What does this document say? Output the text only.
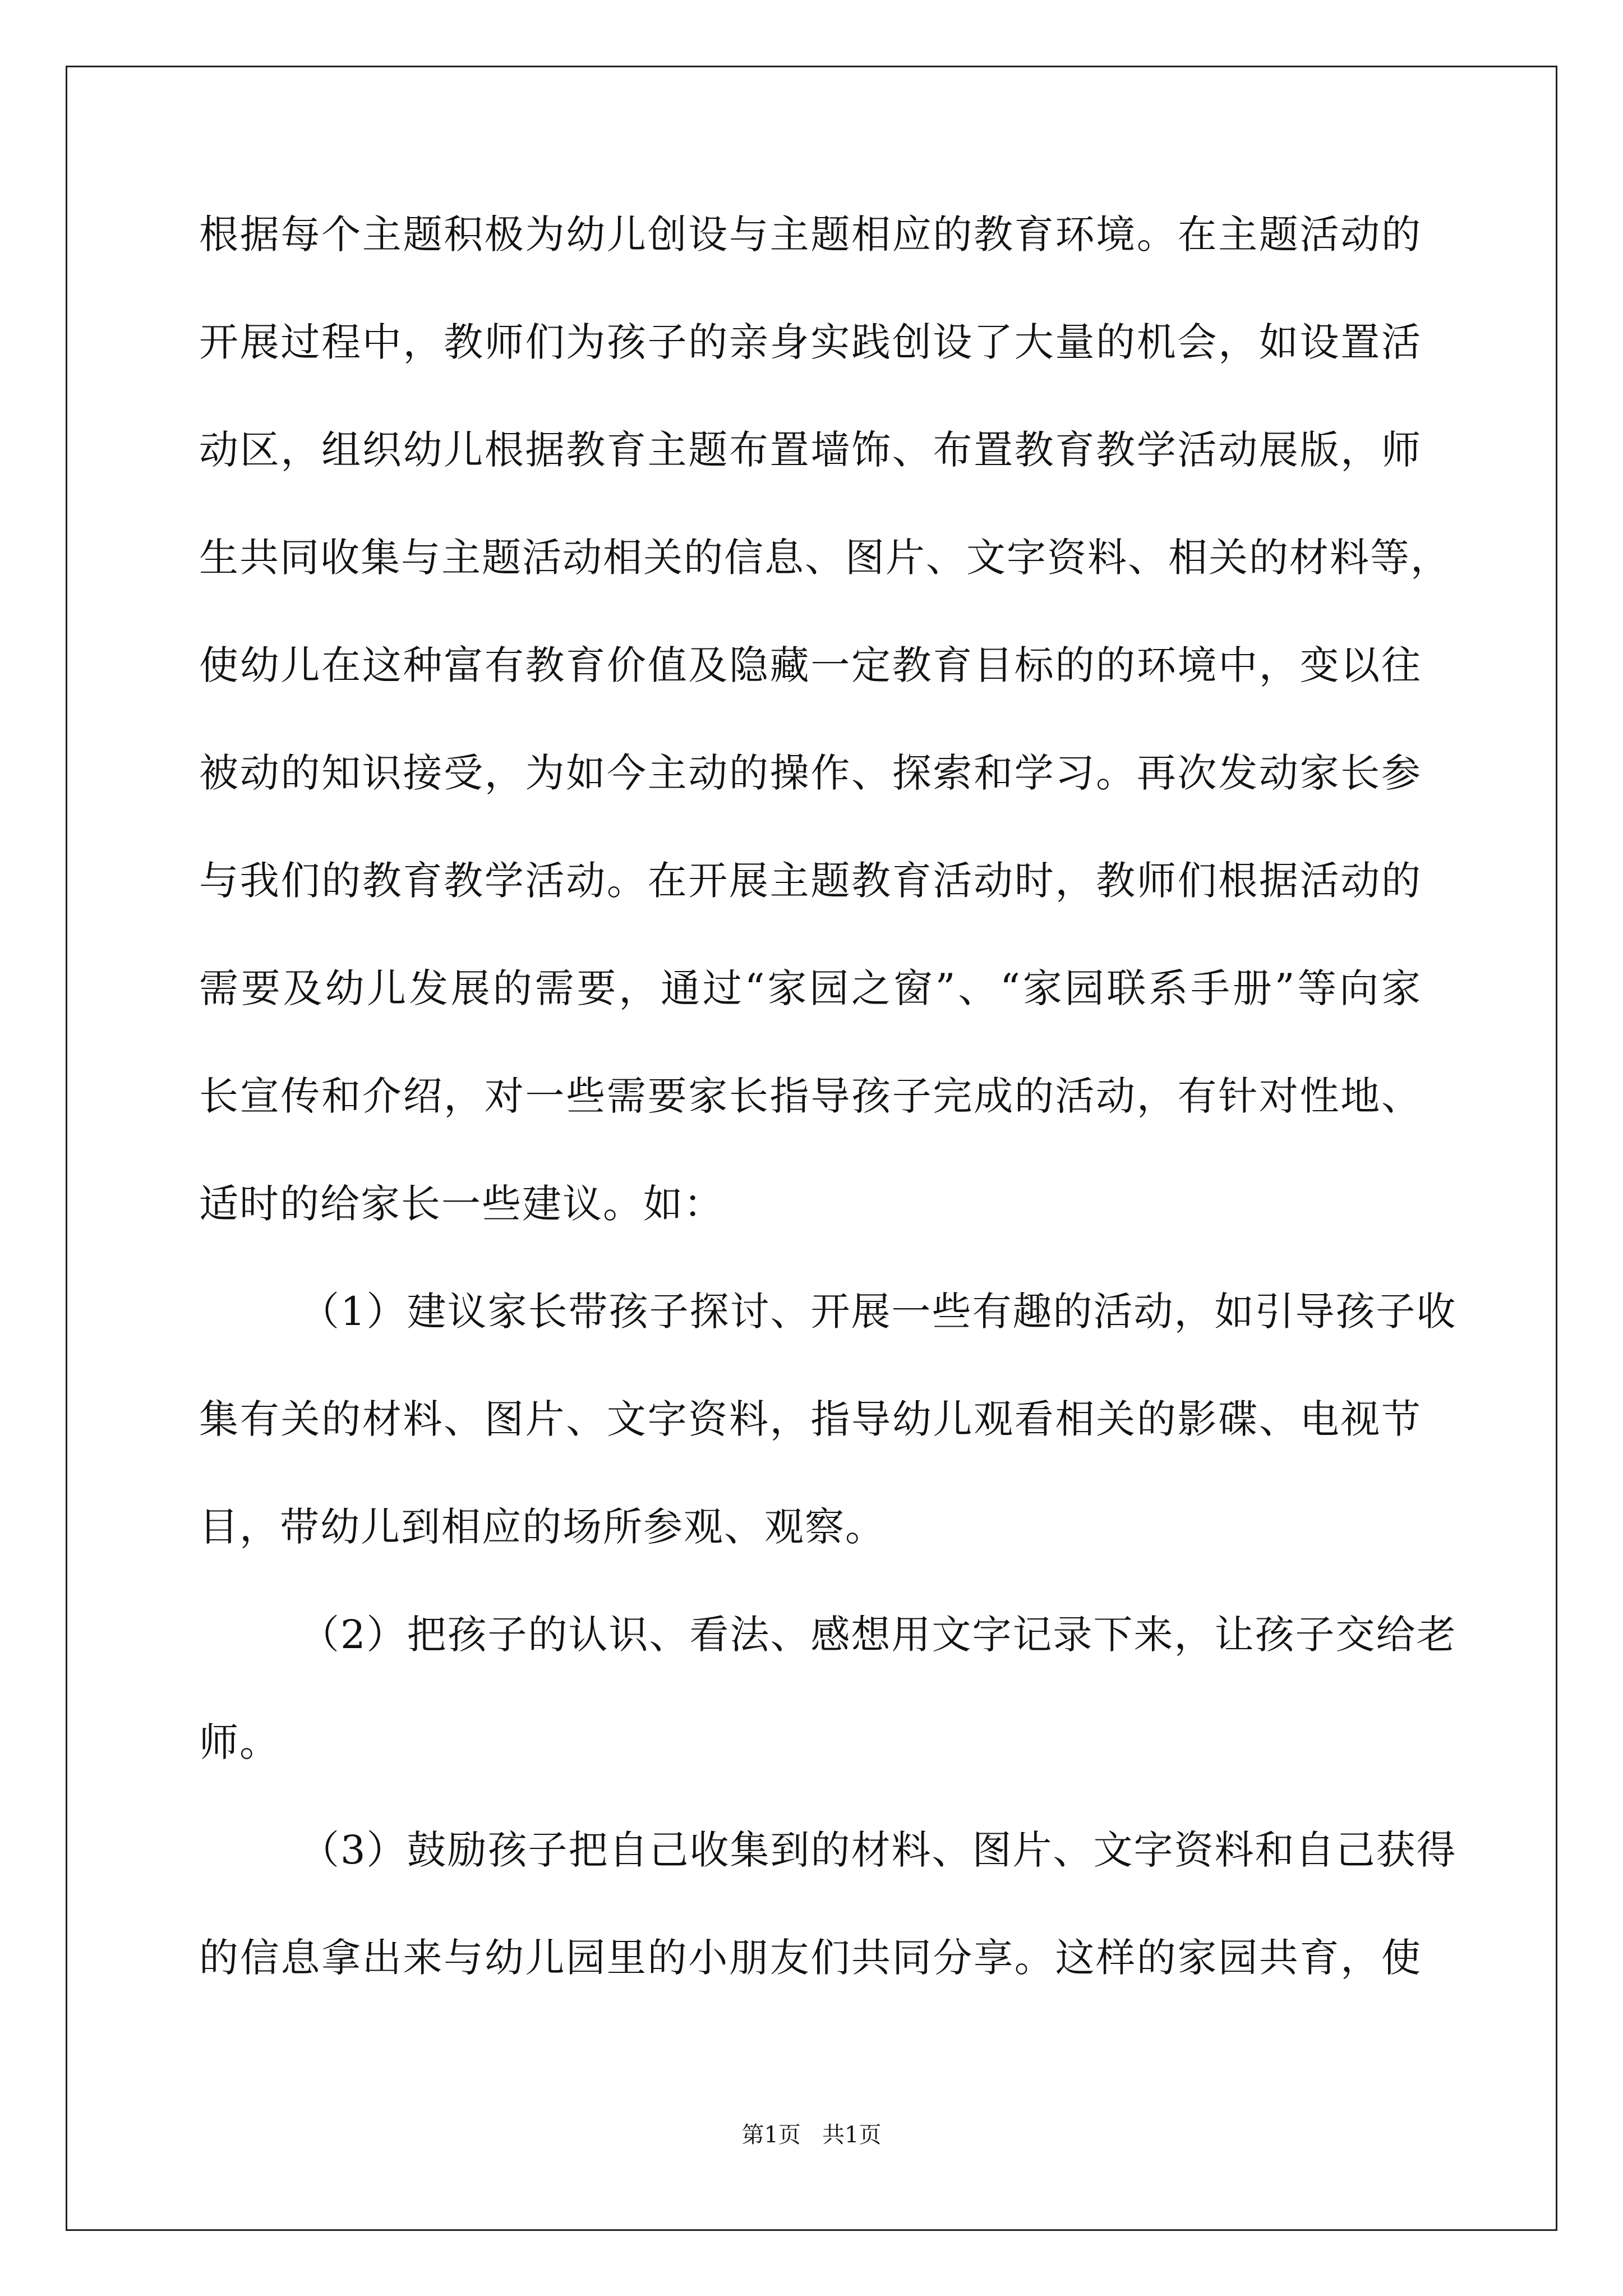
根据每个主题积极为幼儿创设与主题相应的教育环境。在主题活动的
开展过程中，教师们为孩子的亲身实践创设了大量的机会，如设置活
动区，组织幼儿根据教育主题布置墙饰、布置教育教学活动展版，师
生共同收集与主题活动相关的信息、图片、文字资料、相关的材料等，
使幼儿在这种富有教育价值及隐藏一定教育目标的的环境中，变以往
被动的知识接受，为如今主动的操作、探索和学习。再次发动家长参
与我们的教育教学活动。在开展主题教育活动时，教师们根据活动的
需要及幼儿发展的需要，通过“家园之窗”、“家园联系手册”等向家
长宣传和介绍，对一些需要家长指导孩子完成的活动，有针对性地、
适时的给家长一些建议。如：
（1）建议家长带孩子探讨、开展一些有趣的活动，如引导孩子收
集有关的材料、图片、文字资料，指导幼儿观看相关的影碟、电视节
目，带幼儿到相应的场所参观、观察。
（2）把孩子的认识、看法、感想用文字记录下来，让孩子交给老
师。
（3）鼓励孩子把自己收集到的材料、图片、文字资料和自己获得
的信息拿出来与幼儿园里的小朋友们共同分享。这样的家园共育，使
第1页   共1页
